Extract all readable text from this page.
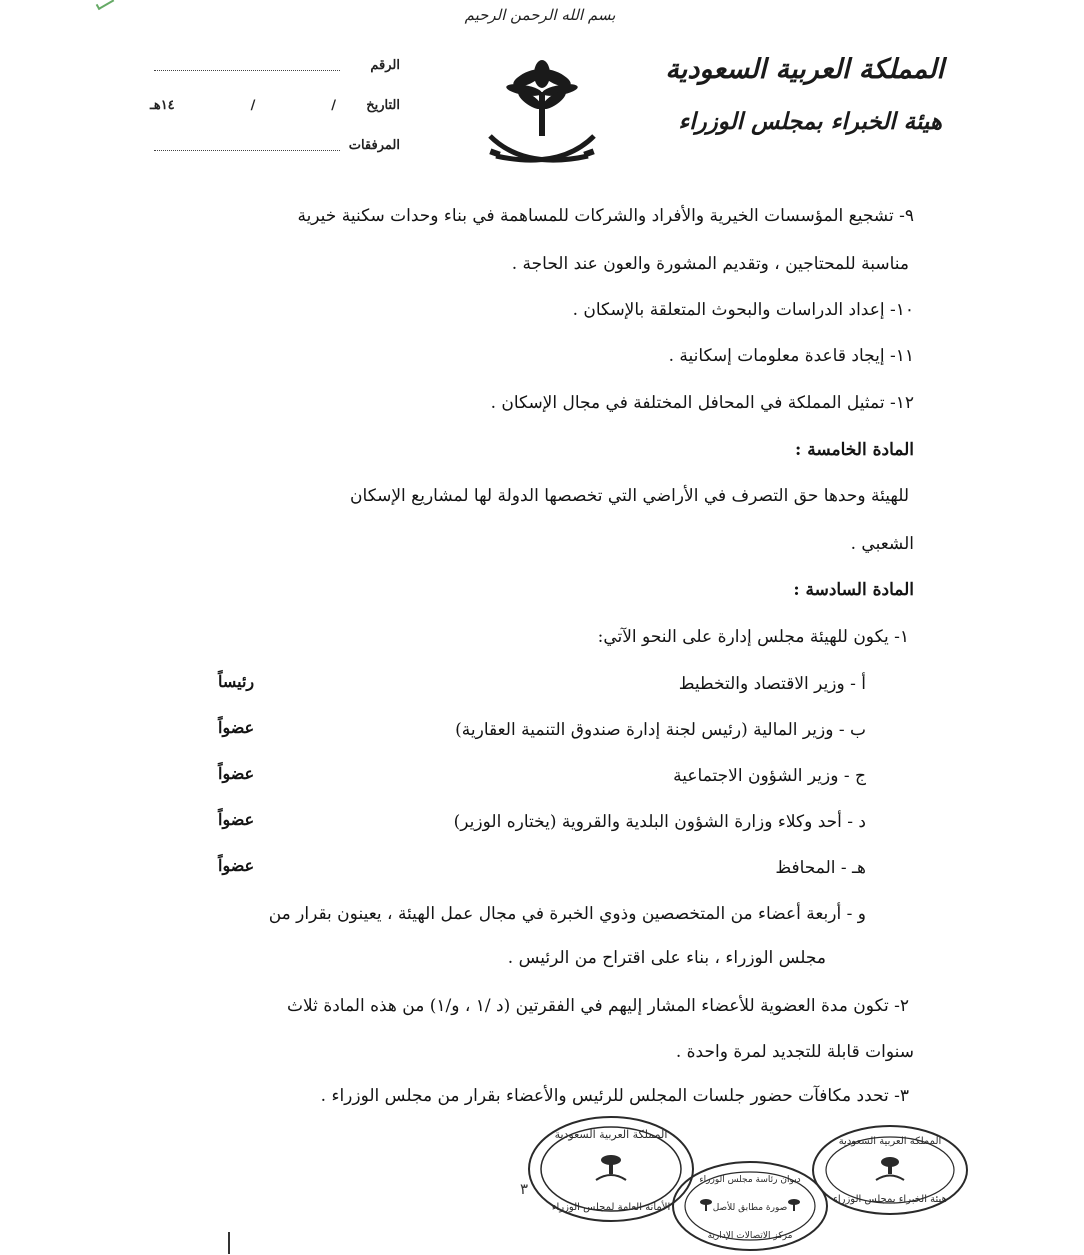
بسم الله الرحمن الرحيم
المملكة العربية السعودية
هيئة الخبراء بمجلس الوزراء
الرقم
التاريخ
/
/
١٤هـ
المرفقات
٩- تشجيع المؤسسات الخيرية والأفراد والشركات للمساهمة في بناء وحدات سكنية خيرية
مناسبة للمحتاجين ، وتقديم المشورة والعون عند الحاجة .
١٠- إعداد الدراسات والبحوث المتعلقة بالإسكان .
١١- إيجاد قاعدة معلومات إسكانية .
١٢- تمثيل المملكة في المحافل المختلفة في مجال الإسكان .
المادة الخامسة :
للهيئة وحدها حق التصرف في الأراضي التي تخصصها الدولة لها لمشاريع الإسكان
الشعبي .
المادة السادسة :
١- يكون للهيئة مجلس إدارة على النحو الآتي:
أ - وزير الاقتصاد والتخطيط
رئيساً
ب - وزير المالية (رئيس لجنة إدارة صندوق التنمية العقارية)
عضواً
ج - وزير الشؤون الاجتماعية
عضواً
د - أحد وكلاء وزارة الشؤون البلدية والقروية (يختاره الوزير)
عضواً
هـ - المحافظ
عضواً
و - أربعة أعضاء من المتخصصين وذوي الخبرة في مجال عمل الهيئة ، يعينون بقرار من
مجلس الوزراء ، بناء على اقتراح من الرئيس .
٢- تكون مدة العضوية للأعضاء المشار إليهم في الفقرتين (د /١ ، و/١) من هذه المادة ثلاث
سنوات قابلة للتجديد لمرة واحدة .
٣- تحدد مكافآت حضور جلسات المجلس للرئيس والأعضاء بقرار من مجلس الوزراء .
المملكة العربية السعودية
الأمانة العامة لمجلس الوزراء
ديوان رئاسة مجلس الوزراء
صورة مطابق للأصل
مركز الاتصالات الإدارية
المملكة العربية السعودية
هيئة الخبراء بمجلس الوزراء
٣
